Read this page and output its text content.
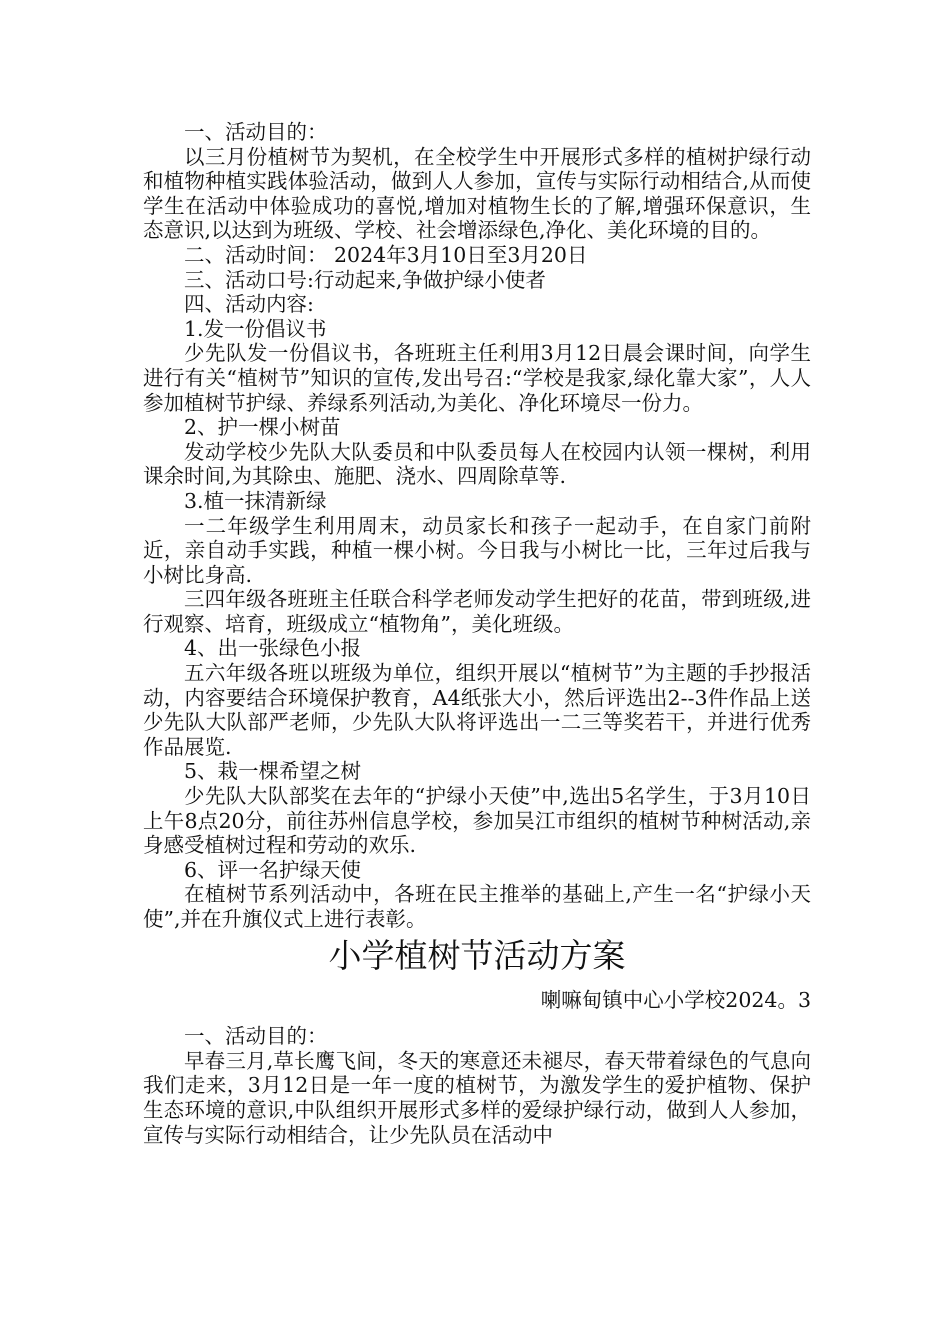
一、活动目的：

以三月份植树节为契机，在全校学生中开展形式多样的植树护绿行动和植物种植实践体验活动，做到人人参加，宣传与实际行动相结合,从而使学生在活动中体验成功的喜悦,增加对植物生长的了解,增强环保意识，生态意识,以达到为班级、学校、社会增添绿色,净化、美化环境的目的。

二、活动时间： 2024年3月10日至3月20日

三、活动口号:行动起来,争做护绿小使者

四、活动内容:

1.发一份倡议书

少先队发一份倡议书，各班班主任利用3月12日晨会课时间，向学生进行有关“植树节”知识的宣传,发出号召:“学校是我家,绿化靠大家”，人人参加植树节护绿、养绿系列活动,为美化、净化环境尽一份力。

2、护一棵小树苗

发动学校少先队大队委员和中队委员每人在校园内认领一棵树，利用课余时间,为其除虫、施肥、浇水、四周除草等.

3.植一抹清新绿

一二年级学生利用周末，动员家长和孩子一起动手，在自家门前附近，亲自动手实践，种植一棵小树。今日我与小树比一比，三年过后我与小树比身高.

三四年级各班班主任联合科学老师发动学生把好的花苗，带到班级,进行观察、培育，班级成立“植物角”，美化班级。

4、出一张绿色小报

五六年级各班以班级为单位，组织开展以“植树节”为主题的手抄报活动，内容要结合环境保护教育，A4纸张大小，然后评选出2--3件作品上送少先队大队部严老师，少先队大队将评选出一二三等奖若干，并进行优秀作品展览.

5、栽一棵希望之树

少先队大队部奖在去年的“护绿小天使”中,选出5名学生，于3月10日上午8点20分，前往苏州信息学校，参加吴江市组织的植树节种树活动,亲身感受植树过程和劳动的欢乐.

6、评一名护绿天使

在植树节系列活动中，各班在民主推举的基础上,产生一名“护绿小天使”,并在升旗仪式上进行表彰。

小学植树节活动方案

喇嘛甸镇中心小学校2024。3

一、活动目的：

早春三月,草长鹰飞间，冬天的寒意还未褪尽，春天带着绿色的气息向我们走来，3月12日是一年一度的植树节，为激发学生的爱护植物、保护生态环境的意识,中队组织开展形式多样的爱绿护绿行动，做到人人参加，宣传与实际行动相结合，让少先队员在活动中
